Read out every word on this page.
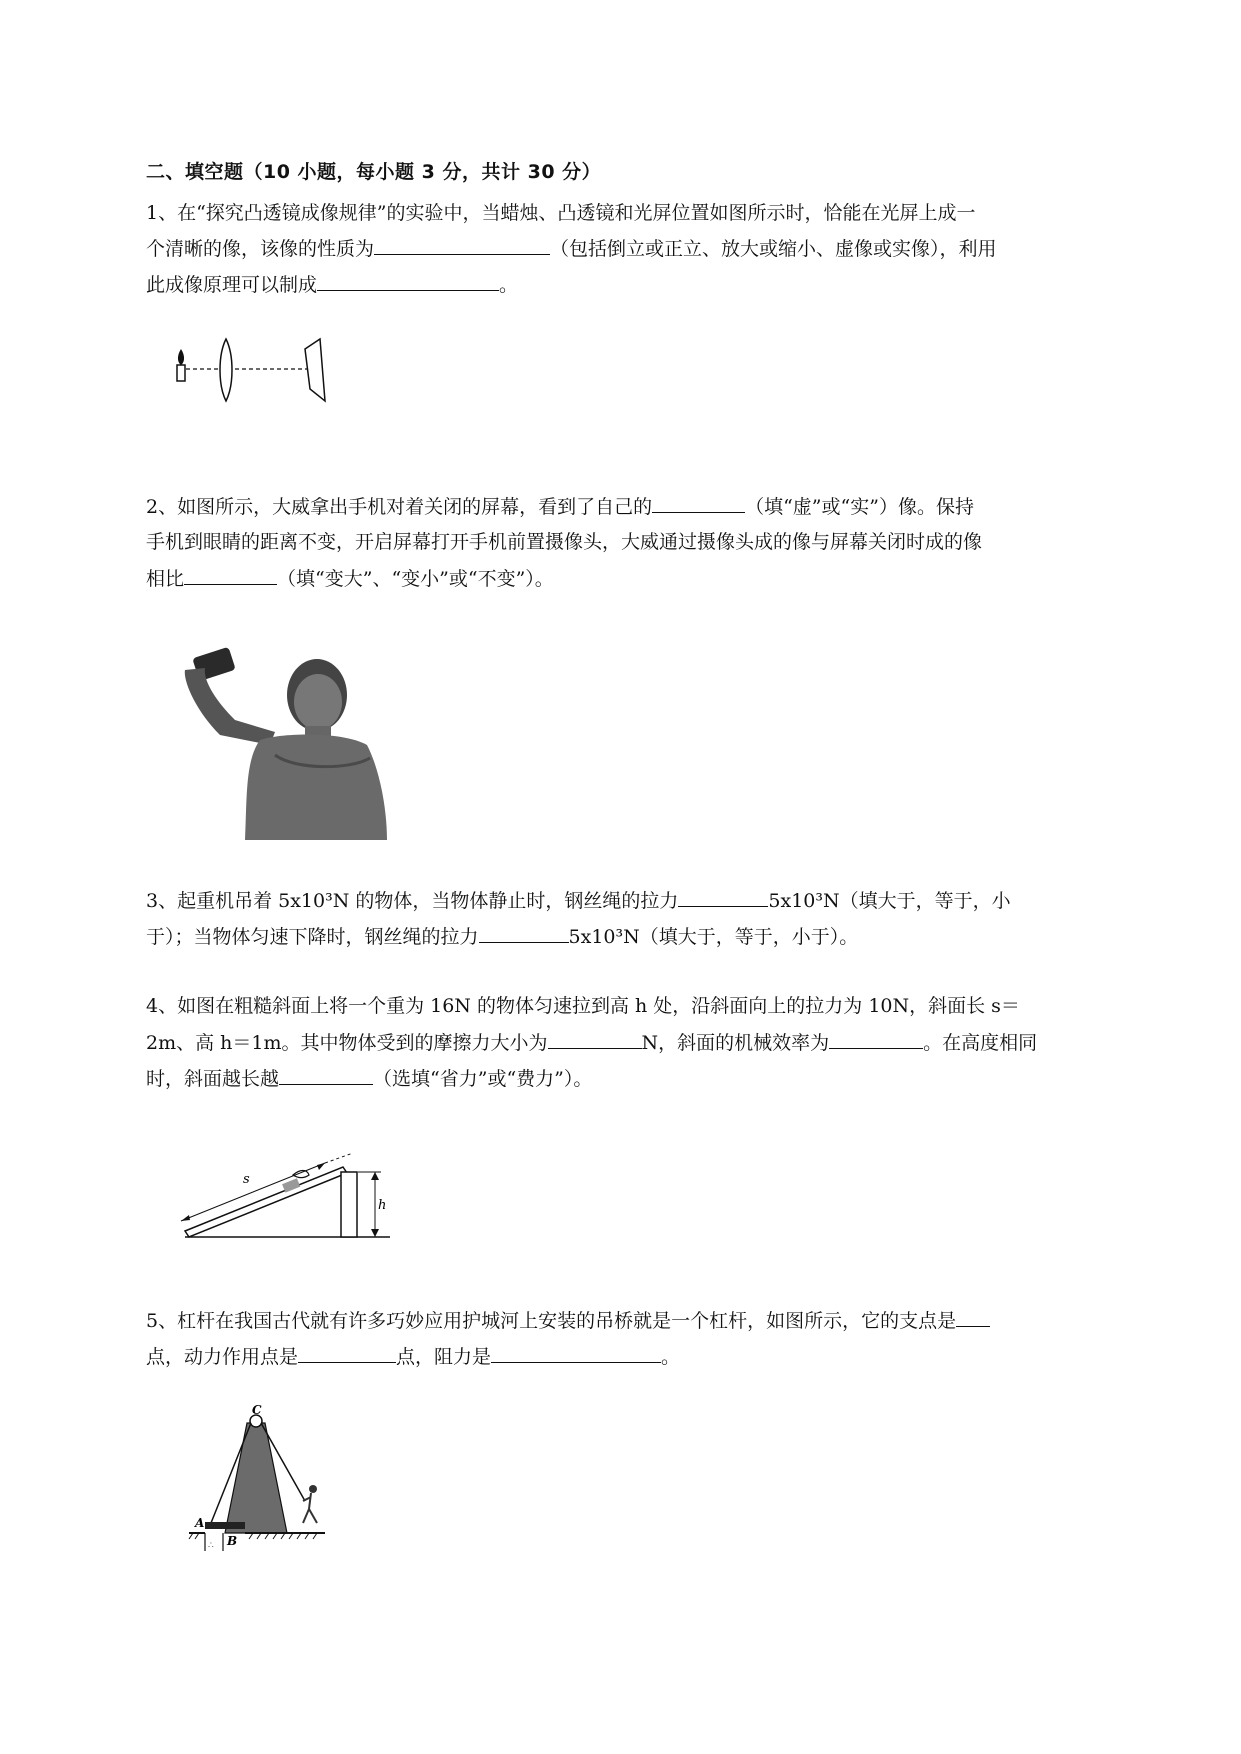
二、填空题（10 小题，每小题 3 分，共计 30 分）
1、在“探究凸透镜成像规律”的实验中，当蜡烛、凸透镜和光屏位置如图所示时，恰能在光屏上成一
个清晰的像，该像的性质为	（包括倒立或正立、放大或缩小、虚像或实像），利用
此成像原理可以制成	。
2、如图所示，大威拿出手机对着关闭的屏幕，看到了自己的	（填“虚”或“实”）像。保持
手机到眼睛的距离不变，开启屏幕打开手机前置摄像头，大威通过摄像头成的像与屏幕关闭时成的像
相比	（填“变大”、“变小”或“不变”）。
3、起重机吊着 5x10³N 的物体，当物体静止时，钢丝绳的拉力	5x10³N（填大于，等于，小
于）；当物体匀速下降时，钢丝绳的拉力	5x10³N（填大于，等于，小于）。
4、如图在粗糙斜面上将一个重为 16N 的物体匀速拉到高 h 处，沿斜面向上的拉力为 10N，斜面长 s＝
2m、高 h＝1m。其中物体受到的摩擦力大小为	N，斜面的机械效率为	。在高度相同
时，斜面越长越	（选填“省力”或“费力”）。
s
h
5、杠杆在我国古代就有许多巧妙应用护城河上安装的吊桥就是一个杠杆，如图所示，它的支点是
点，动力作用点是	点，阻力是	。
C
A
B
∴
